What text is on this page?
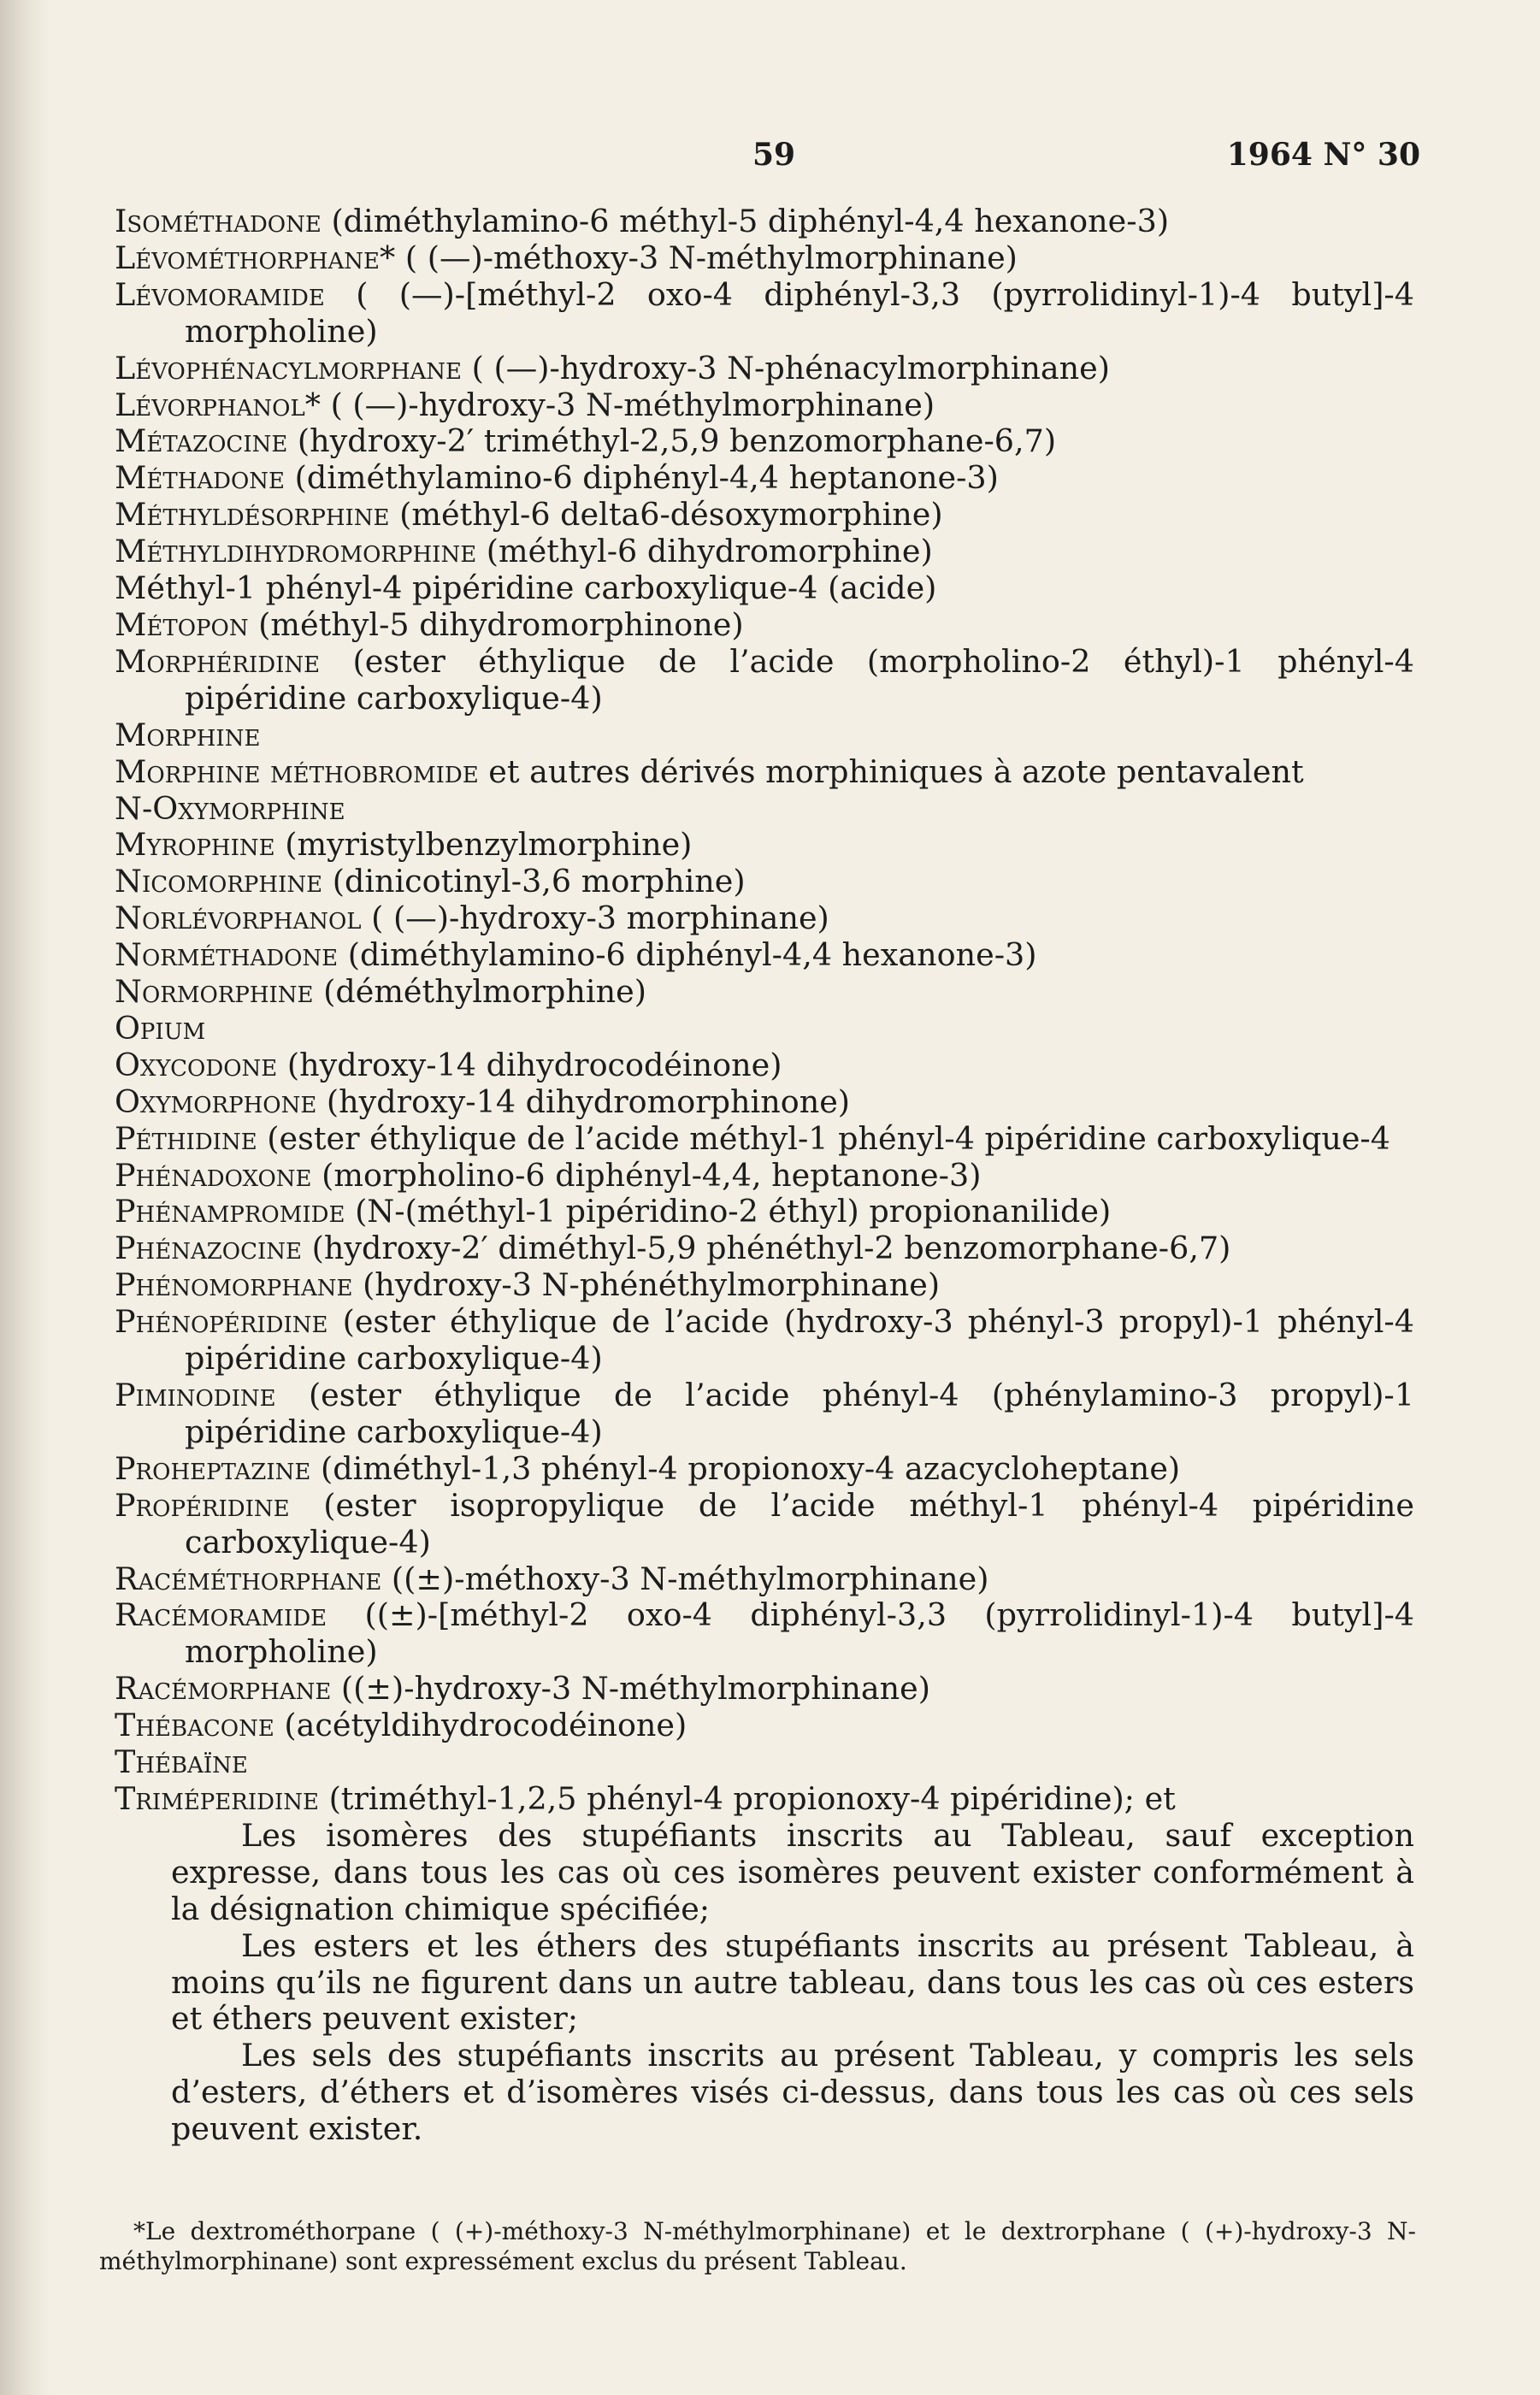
59	1964 N° 30

Isométhadone (diméthylamino-6 méthyl-5 diphényl-4,4 hexanone-3)

Lévométhorphane* ( (—)-méthoxy-3 N-méthylmorphinane)

Lévomoramide ( (—)-[méthyl-2 oxo-4 diphényl-3,3 (pyrrolidinyl-1)-4 butyl]-4 morpholine)

Lévophénacylmorphane ( (—)-hydroxy-3 N-phénacylmorphinane)

Lévorphanol* ( (—)-hydroxy-3 N-méthylmorphinane)

Métazocine (hydroxy-2′ triméthyl-2,5,9 benzomorphane-6,7)

Méthadone (diméthylamino-6 diphényl-4,4 heptanone-3)

Méthyldésorphine (méthyl-6 delta6-désoxymorphine)

Méthyldihydromorphine (méthyl-6 dihydromorphine)

Méthyl-1 phényl-4 pipéridine carboxylique-4 (acide)

Métopon (méthyl-5 dihydromorphinone)

Morphéridine (ester éthylique de l’acide (morpholino-2 éthyl)-1 phényl-4 pipéridine carboxylique-4)

Morphine

Morphine méthobromide et autres dérivés morphiniques à azote pentavalent

N-Oxymorphine

Myrophine (myristylbenzylmorphine)

Nicomorphine (dinicotinyl-3,6 morphine)

Norlévorphanol ( (—)-hydroxy-3 morphinane)

Norméthadone (diméthylamino-6 diphényl-4,4 hexanone-3)

Normorphine (déméthylmorphine)

Opium

Oxycodone (hydroxy-14 dihydrocodéinone)

Oxymorphone (hydroxy-14 dihydromorphinone)

Péthidine (ester éthylique de l’acide méthyl-1 phényl-4 pipéridine carboxylique-4

Phénadoxone (morpholino-6 diphényl-4,4, heptanone-3)

Phénampromide (N-(méthyl-1 pipéridino-2 éthyl) propionanilide)

Phénazocine (hydroxy-2′ diméthyl-5,9 phénéthyl-2 benzomorphane-6,7)

Phénomorphane (hydroxy-3 N-phénéthylmorphinane)

Phénopéridine (ester éthylique de l’acide (hydroxy-3 phényl-3 propyl)-1 phényl-4 pipéridine carboxylique-4)

Piminodine (ester éthylique de l’acide phényl-4 (phénylamino-3 propyl)-1 pipéridine carboxylique-4)

Proheptazine (diméthyl-1,3 phényl-4 propionoxy-4 azacycloheptane)

Propéridine (ester isopropylique de l’acide méthyl-1 phényl-4 pipéridine carboxylique-4)

Racéméthorphane ((±)-méthoxy-3 N-méthylmorphinane)

Racémoramide ((±)-[méthyl-2 oxo-4 diphényl-3,3 (pyrrolidinyl-1)-4 butyl]-4 morpholine)

Racémorphane ((±)-hydroxy-3 N-méthylmorphinane)

Thébacone (acétyldihydrocodéinone)

Thébaïne

Triméperidine (triméthyl-1,2,5 phényl-4 propionoxy-4 pipéridine); et

Les isomères des stupéfiants inscrits au Tableau, sauf exception expresse, dans tous les cas où ces isomères peuvent exister conformément à la désignation chimique spécifiée;

Les esters et les éthers des stupéfiants inscrits au présent Tableau, à moins qu’ils ne figurent dans un autre tableau, dans tous les cas où ces esters et éthers peuvent exister;

Les sels des stupéfiants inscrits au présent Tableau, y compris les sels d’esters, d’éthers et d’isomères visés ci-dessus, dans tous les cas où ces sels peuvent exister.

*Le dextrométhorpane ( (+)-méthoxy-3 N-méthylmorphinane) et le dextrorphane ( (+)-hydroxy-3 N-méthylmorphinane) sont expressément exclus du présent Tableau.
